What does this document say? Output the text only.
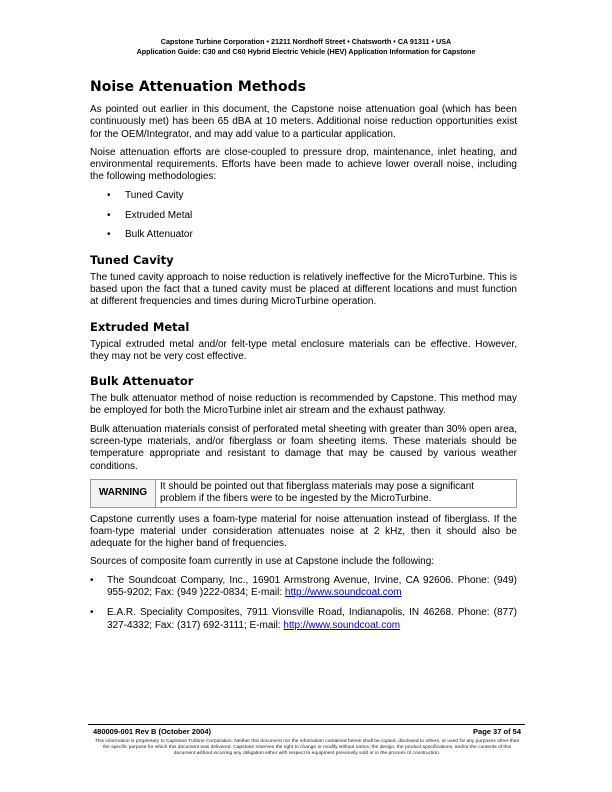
Capstone Turbine Corporation • 21211 Nordhoff Street • Chatsworth • CA 91311 • USA
Application Guide: C30 and C60 Hybrid Electric Vehicle (HEV) Application Information for Capstone
Noise Attenuation Methods

As pointed out earlier in this document, the Capstone noise attenuation goal (which has been continuously met) has been 65 dBA at 10 meters. Additional noise reduction opportunities exist for the OEM/Integrator, and may add value to a particular application.

Noise attenuation efforts are close-coupled to pressure drop, maintenance, inlet heating, and environmental requirements. Efforts have been made to achieve lower overall noise, including the following methodologies:

• Tuned Cavity
• Extruded Metal
• Bulk Attenuator
Tuned Cavity

The tuned cavity approach to noise reduction is relatively ineffective for the MicroTurbine. This is based upon the fact that a tuned cavity must be placed at different locations and must function at different frequencies and times during MicroTurbine operation.

Extruded Metal

Typical extruded metal and/or felt-type metal enclosure materials can be effective. However, they may not be very cost effective.

Bulk Attenuator

The bulk attenuator method of noise reduction is recommended by Capstone. This method may be employed for both the MicroTurbine inlet air stream and the exhaust pathway.

Bulk attenuation materials consist of perforated metal sheeting with greater than 30% open area, screen-type materials, and/or fiberglass or foam sheeting items. These materials should be temperature appropriate and resistant to damage that may be caused by various weather conditions.

WARNING	It should be pointed out that fiberglass materials may pose a significant problem if the fibers were to be ingested by the MicroTurbine.

Capstone currently uses a foam-type material for noise attenuation instead of fiberglass. If the foam-type material under consideration attenuates noise at 2 kHz, then it should also be adequate for the higher band of frequencies.

Sources of composite foam currently in use at Capstone include the following:

• The Soundcoat Company, Inc., 16901 Armstrong Avenue, Irvine, CA 92606. Phone: (949) 955-9202; Fax: (949 )222-0834; E-mail: http://www.soundcoat.com
• E.A.R. Speciality Composites, 7911 Vionsville Road, Indianapolis, IN 46268. Phone: (877) 327-4332; Fax: (317) 692-3111; E-mail: http://www.soundcoat.com
480009-001 Rev B (October 2004)	Page 37 of 54
This information is proprietary to Capstone Turbine Corporation. Neither this document nor the information contained herein shall be copied, disclosed to others, or used for any purposes other than the specific purpose for which this document was delivered. Capstone reserves the right to change or modify without notice, the design, the product specifications, and/or the contents of this document without incurring any obligation either with respect to equipment previously sold or in the process of construction.
